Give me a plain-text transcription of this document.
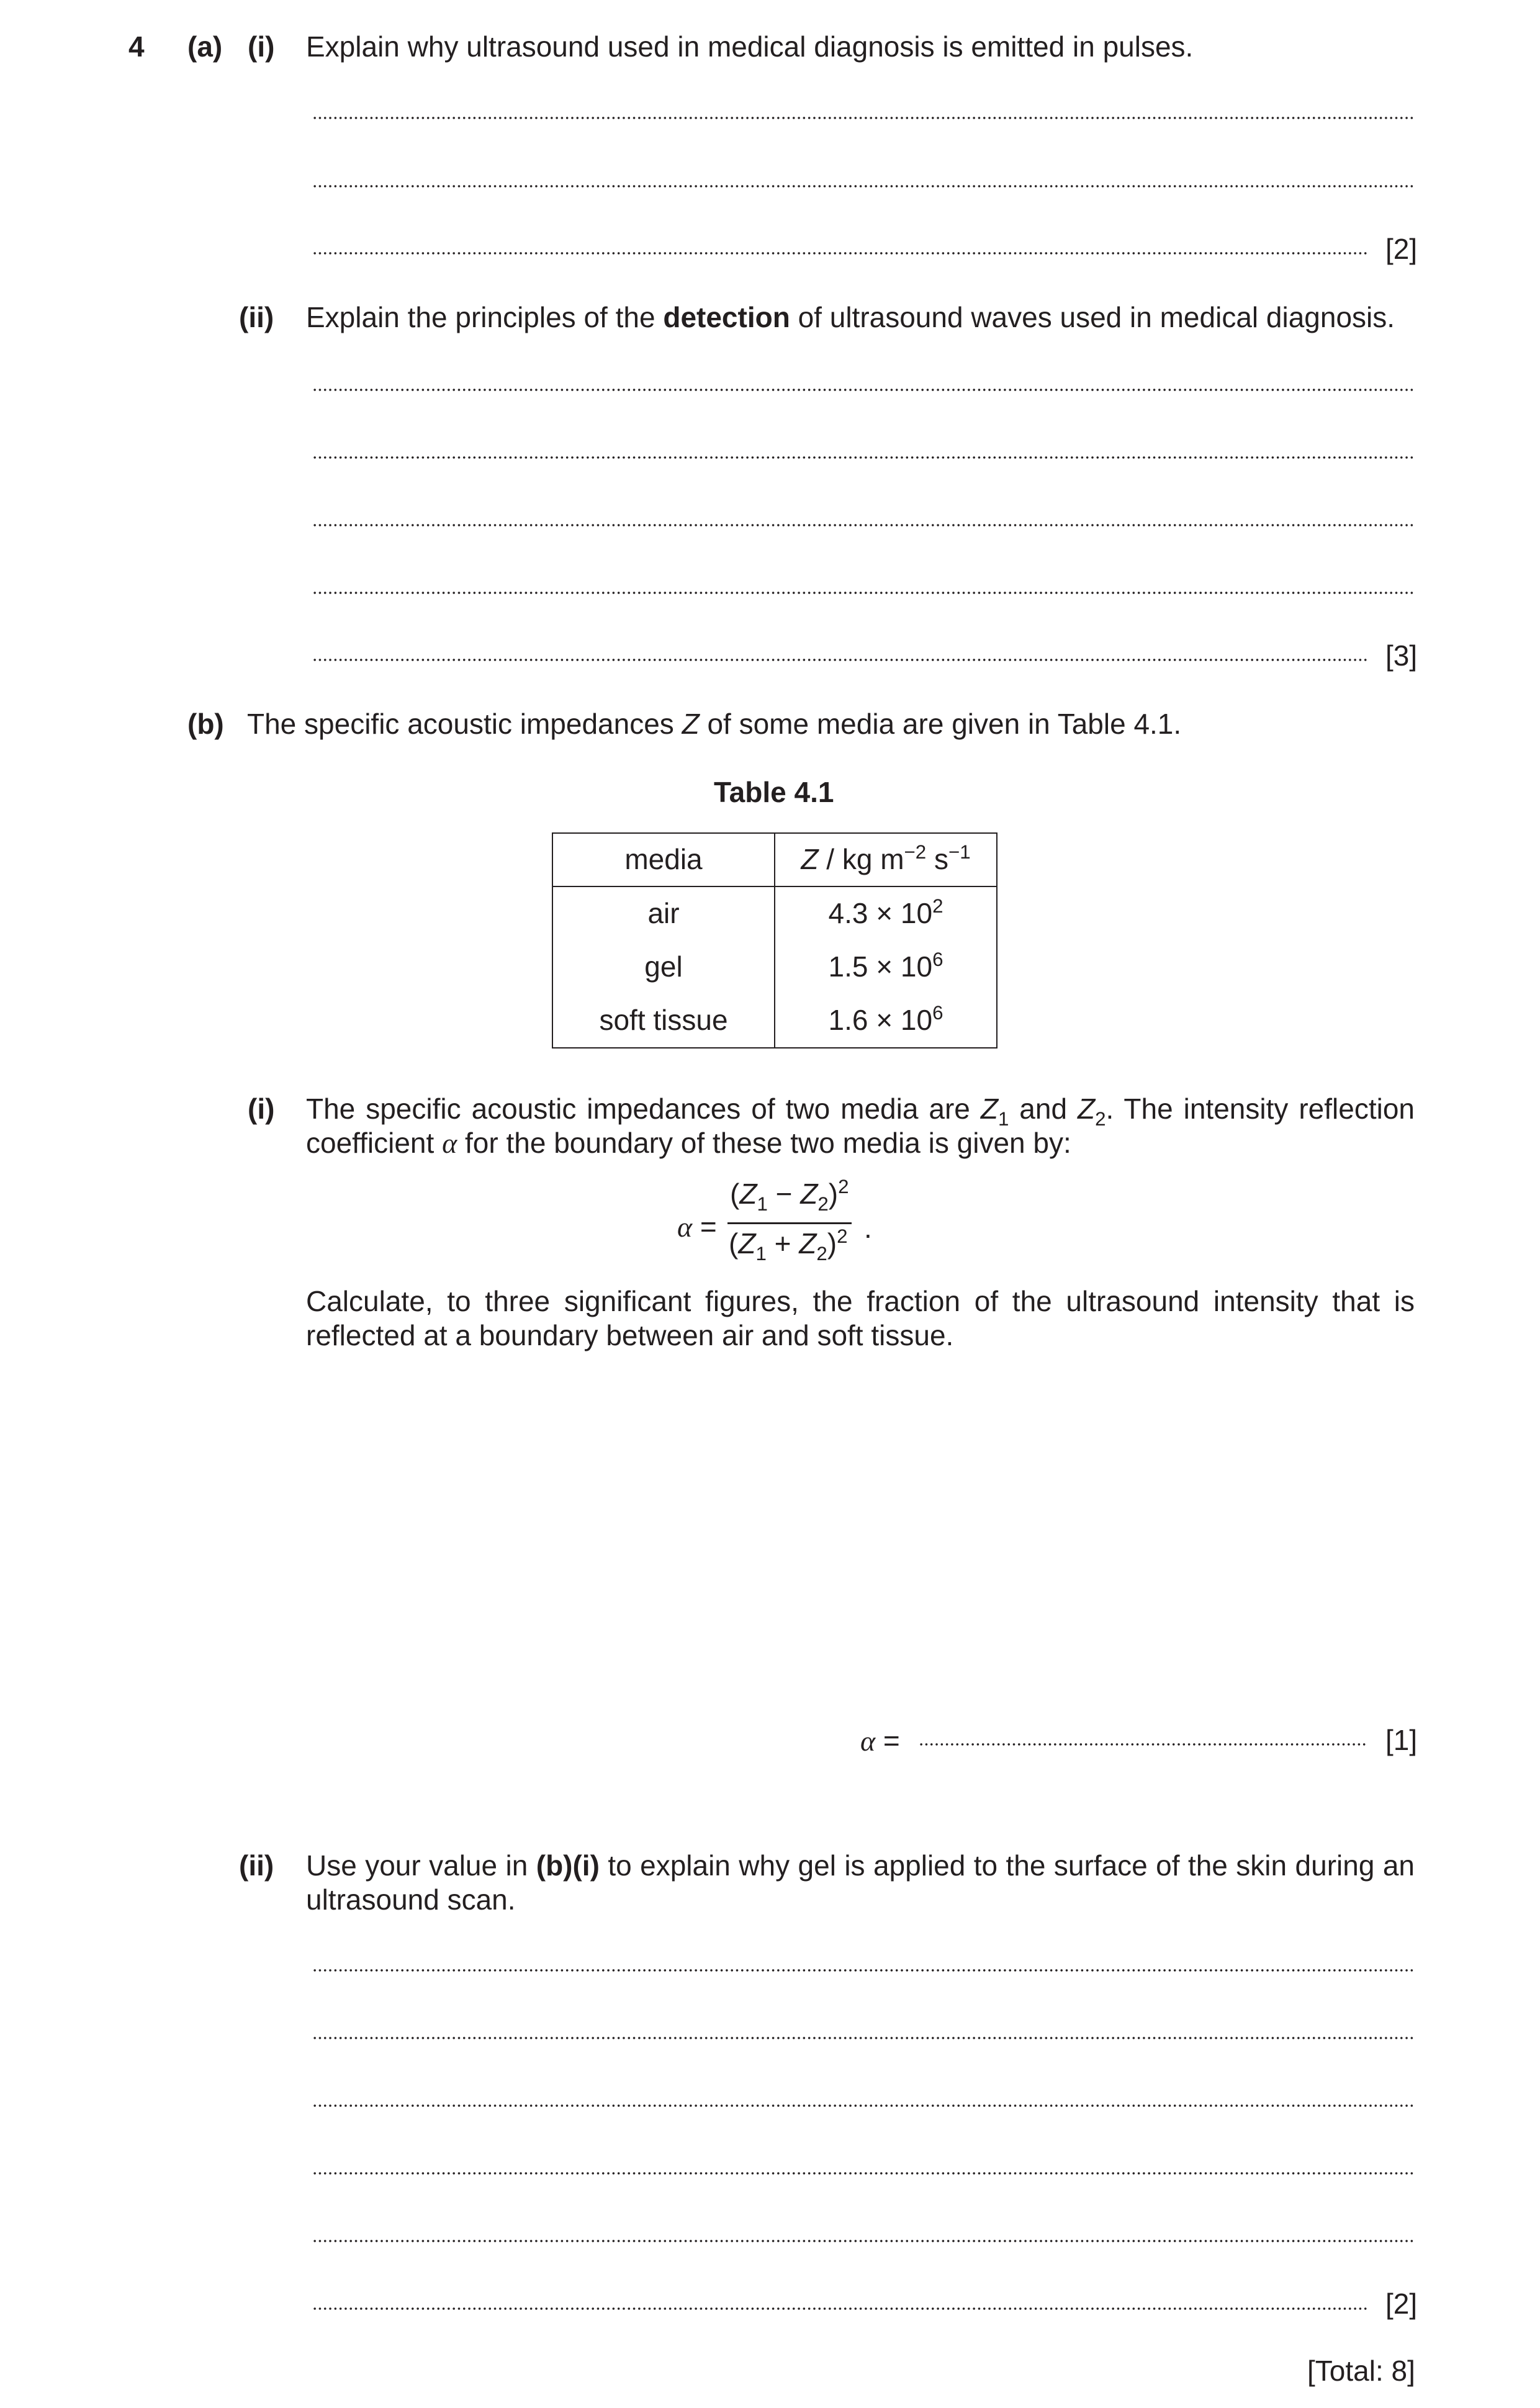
4 (a) (i) Explain why ultrasound used in medical diagnosis is emitted in pulses.
[2]
(ii) Explain the principles of the detection of ultrasound waves used in medical diagnosis.
[3]
(b) The specific acoustic impedances Z of some media are given in Table 4.1.
Table 4.1
media	Z / kg $m^{-2}$ $s^{-1}$
air	$4.3 \times 10^2$
gel	$1.5 \times 10^6$
soft tissue	$1.6 \times 10^6$
(i) The specific acoustic impedances of two media are $Z_1$ and $Z_2$. The intensity reflection
coefficient α for the boundary of these two media is given by:
α =
$(Z_1 - Z_2)^2$
$(Z_1 + Z_2)^2$ .
Calculate, to three significant figures, the fraction of the ultrasound intensity that is
reflected at a boundary between air and soft tissue.
α =	[1]
(ii) Use your value in (b)(i) to explain why gel is applied to the surface of the skin during an
ultrasound scan.
[2]
[Total: 8]
